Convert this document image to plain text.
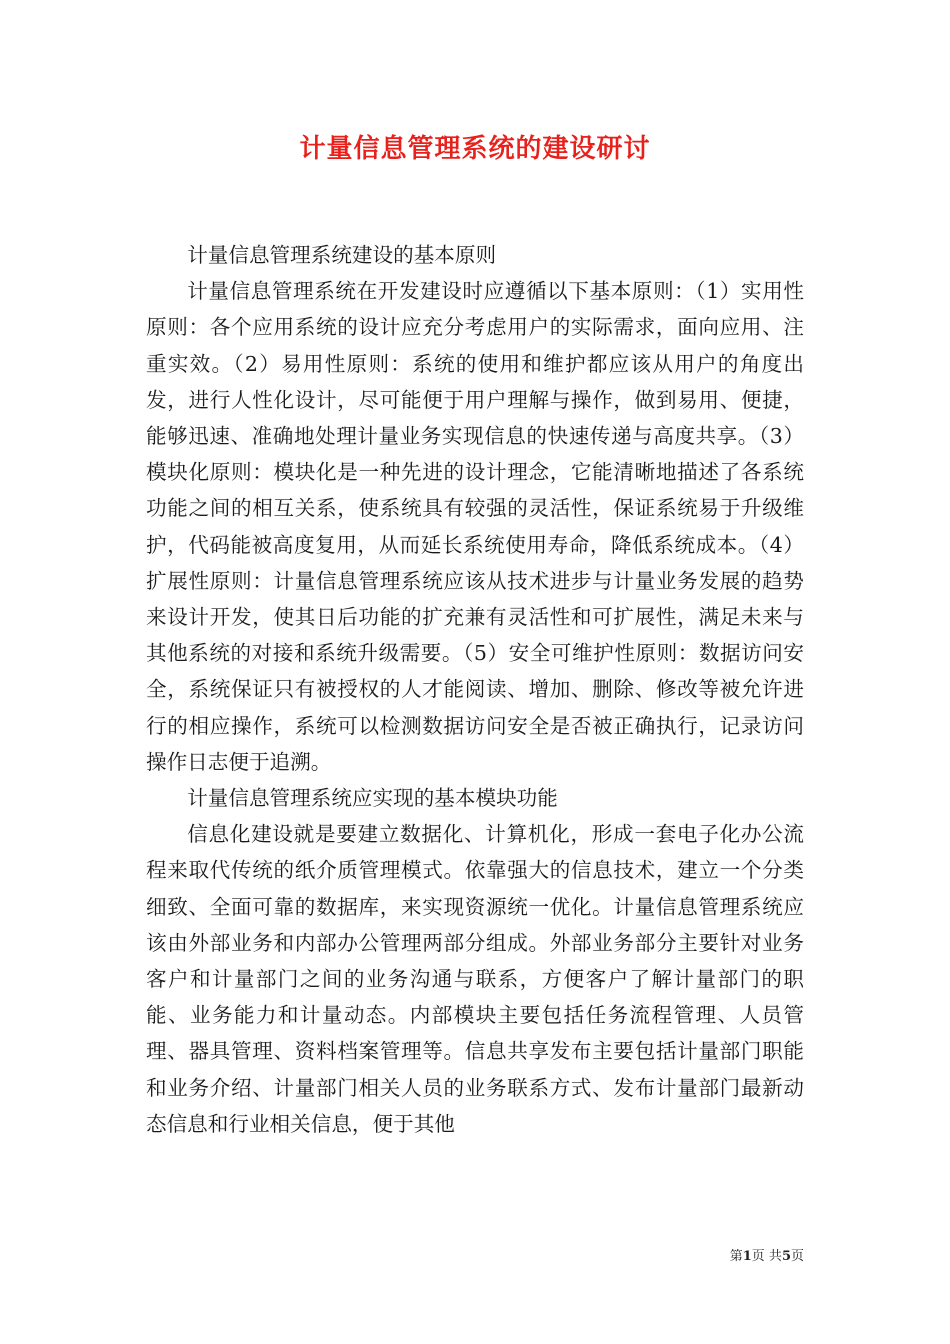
计量信息管理系统的建设研讨

计量信息管理系统建设的基本原则

计量信息管理系统在开发建设时应遵循以下基本原则：（1）实用性原则：各个应用系统的设计应充分考虑用户的实际需求，面向应用、注重实效。（2）易用性原则：系统的使用和维护都应该从用户的角度出发，进行人性化设计，尽可能便于用户理解与操作，做到易用、便捷，能够迅速、准确地处理计量业务实现信息的快速传递与高度共享。（3）模块化原则：模块化是一种先进的设计理念，它能清晰地描述了各系统功能之间的相互关系，使系统具有较强的灵活性，保证系统易于升级维护，代码能被高度复用，从而延长系统使用寿命，降低系统成本。（4）扩展性原则：计量信息管理系统应该从技术进步与计量业务发展的趋势来设计开发，使其日后功能的扩充兼有灵活性和可扩展性，满足未来与其他系统的对接和系统升级需要。（5）安全可维护性原则：数据访问安全，系统保证只有被授权的人才能阅读、增加、删除、修改等被允许进行的相应操作，系统可以检测数据访问安全是否被正确执行，记录访问操作日志便于追溯。

计量信息管理系统应实现的基本模块功能

信息化建设就是要建立数据化、计算机化，形成一套电子化办公流程来取代传统的纸介质管理模式。依靠强大的信息技术，建立一个分类细致、全面可靠的数据库，来实现资源统一优化。计量信息管理系统应该由外部业务和内部办公管理两部分组成。外部业务部分主要针对业务客户和计量部门之间的业务沟通与联系，方便客户了解计量部门的职能、业务能力和计量动态。内部模块主要包括任务流程管理、人员管理、器具管理、资料档案管理等。信息共享发布主要包括计量部门职能和业务介绍、计量部门相关人员的业务联系方式、发布计量部门最新动态信息和行业相关信息，便于其他

第1页 共5页
